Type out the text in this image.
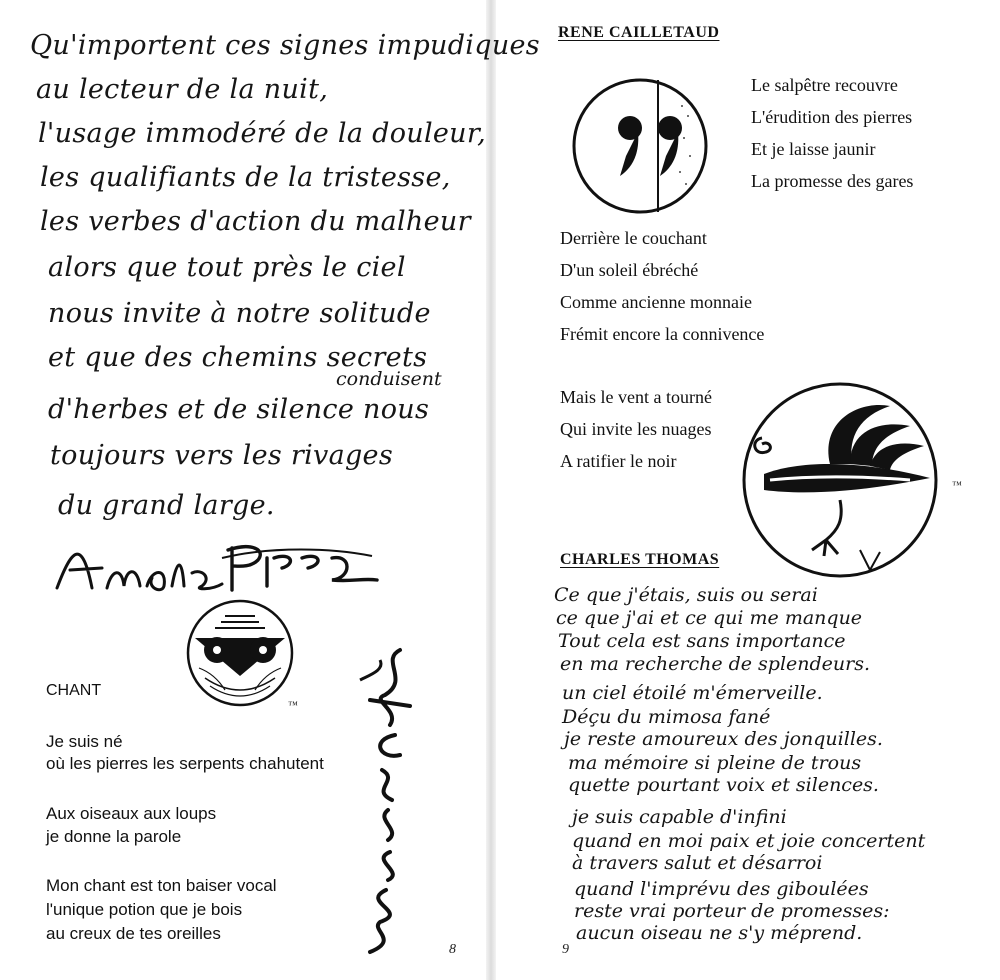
Qu'importent ces signes impudiques
au lecteur de la nuit,
l'usage immodéré de la douleur,
les qualifiants de la tristesse,
les verbes d'action du malheur
alors que tout près le ciel
nous invite à notre solitude
et que des chemins secrets
conduisent
d'herbes et de silence nous
toujours vers les rivages
du grand large.
™
CHANT
Je suis né
où les pierres les serpents chahutent
Aux oiseaux aux loups
je donne la parole
Mon chant est ton baiser vocal
l'unique potion que je bois
au creux de tes oreilles
8
RENE CAILLETAUD
Le salpêtre recouvre
L'érudition des pierres
Et je laisse jaunir
La promesse des gares
Derrière le couchant
D'un soleil ébréché
Comme ancienne monnaie
Frémit encore la connivence
Mais le vent a tourné
Qui invite les nuages
A ratifier le noir
™
CHARLES THOMAS
Ce que j'étais, suis ou serai
ce que j'ai et ce qui me manque
Tout cela est sans importance
en ma recherche de splendeurs.
un ciel étoilé m'émerveille.
Déçu du mimosa fané
je reste amoureux des jonquilles.
ma mémoire si pleine de trous
quette pourtant voix et silences.
je suis capable d'infini
quand en moi paix et joie concertent
à travers salut et désarroi
quand l'imprévu des giboulées
reste vrai porteur de promesses:
aucun oiseau ne s'y méprend.
9
